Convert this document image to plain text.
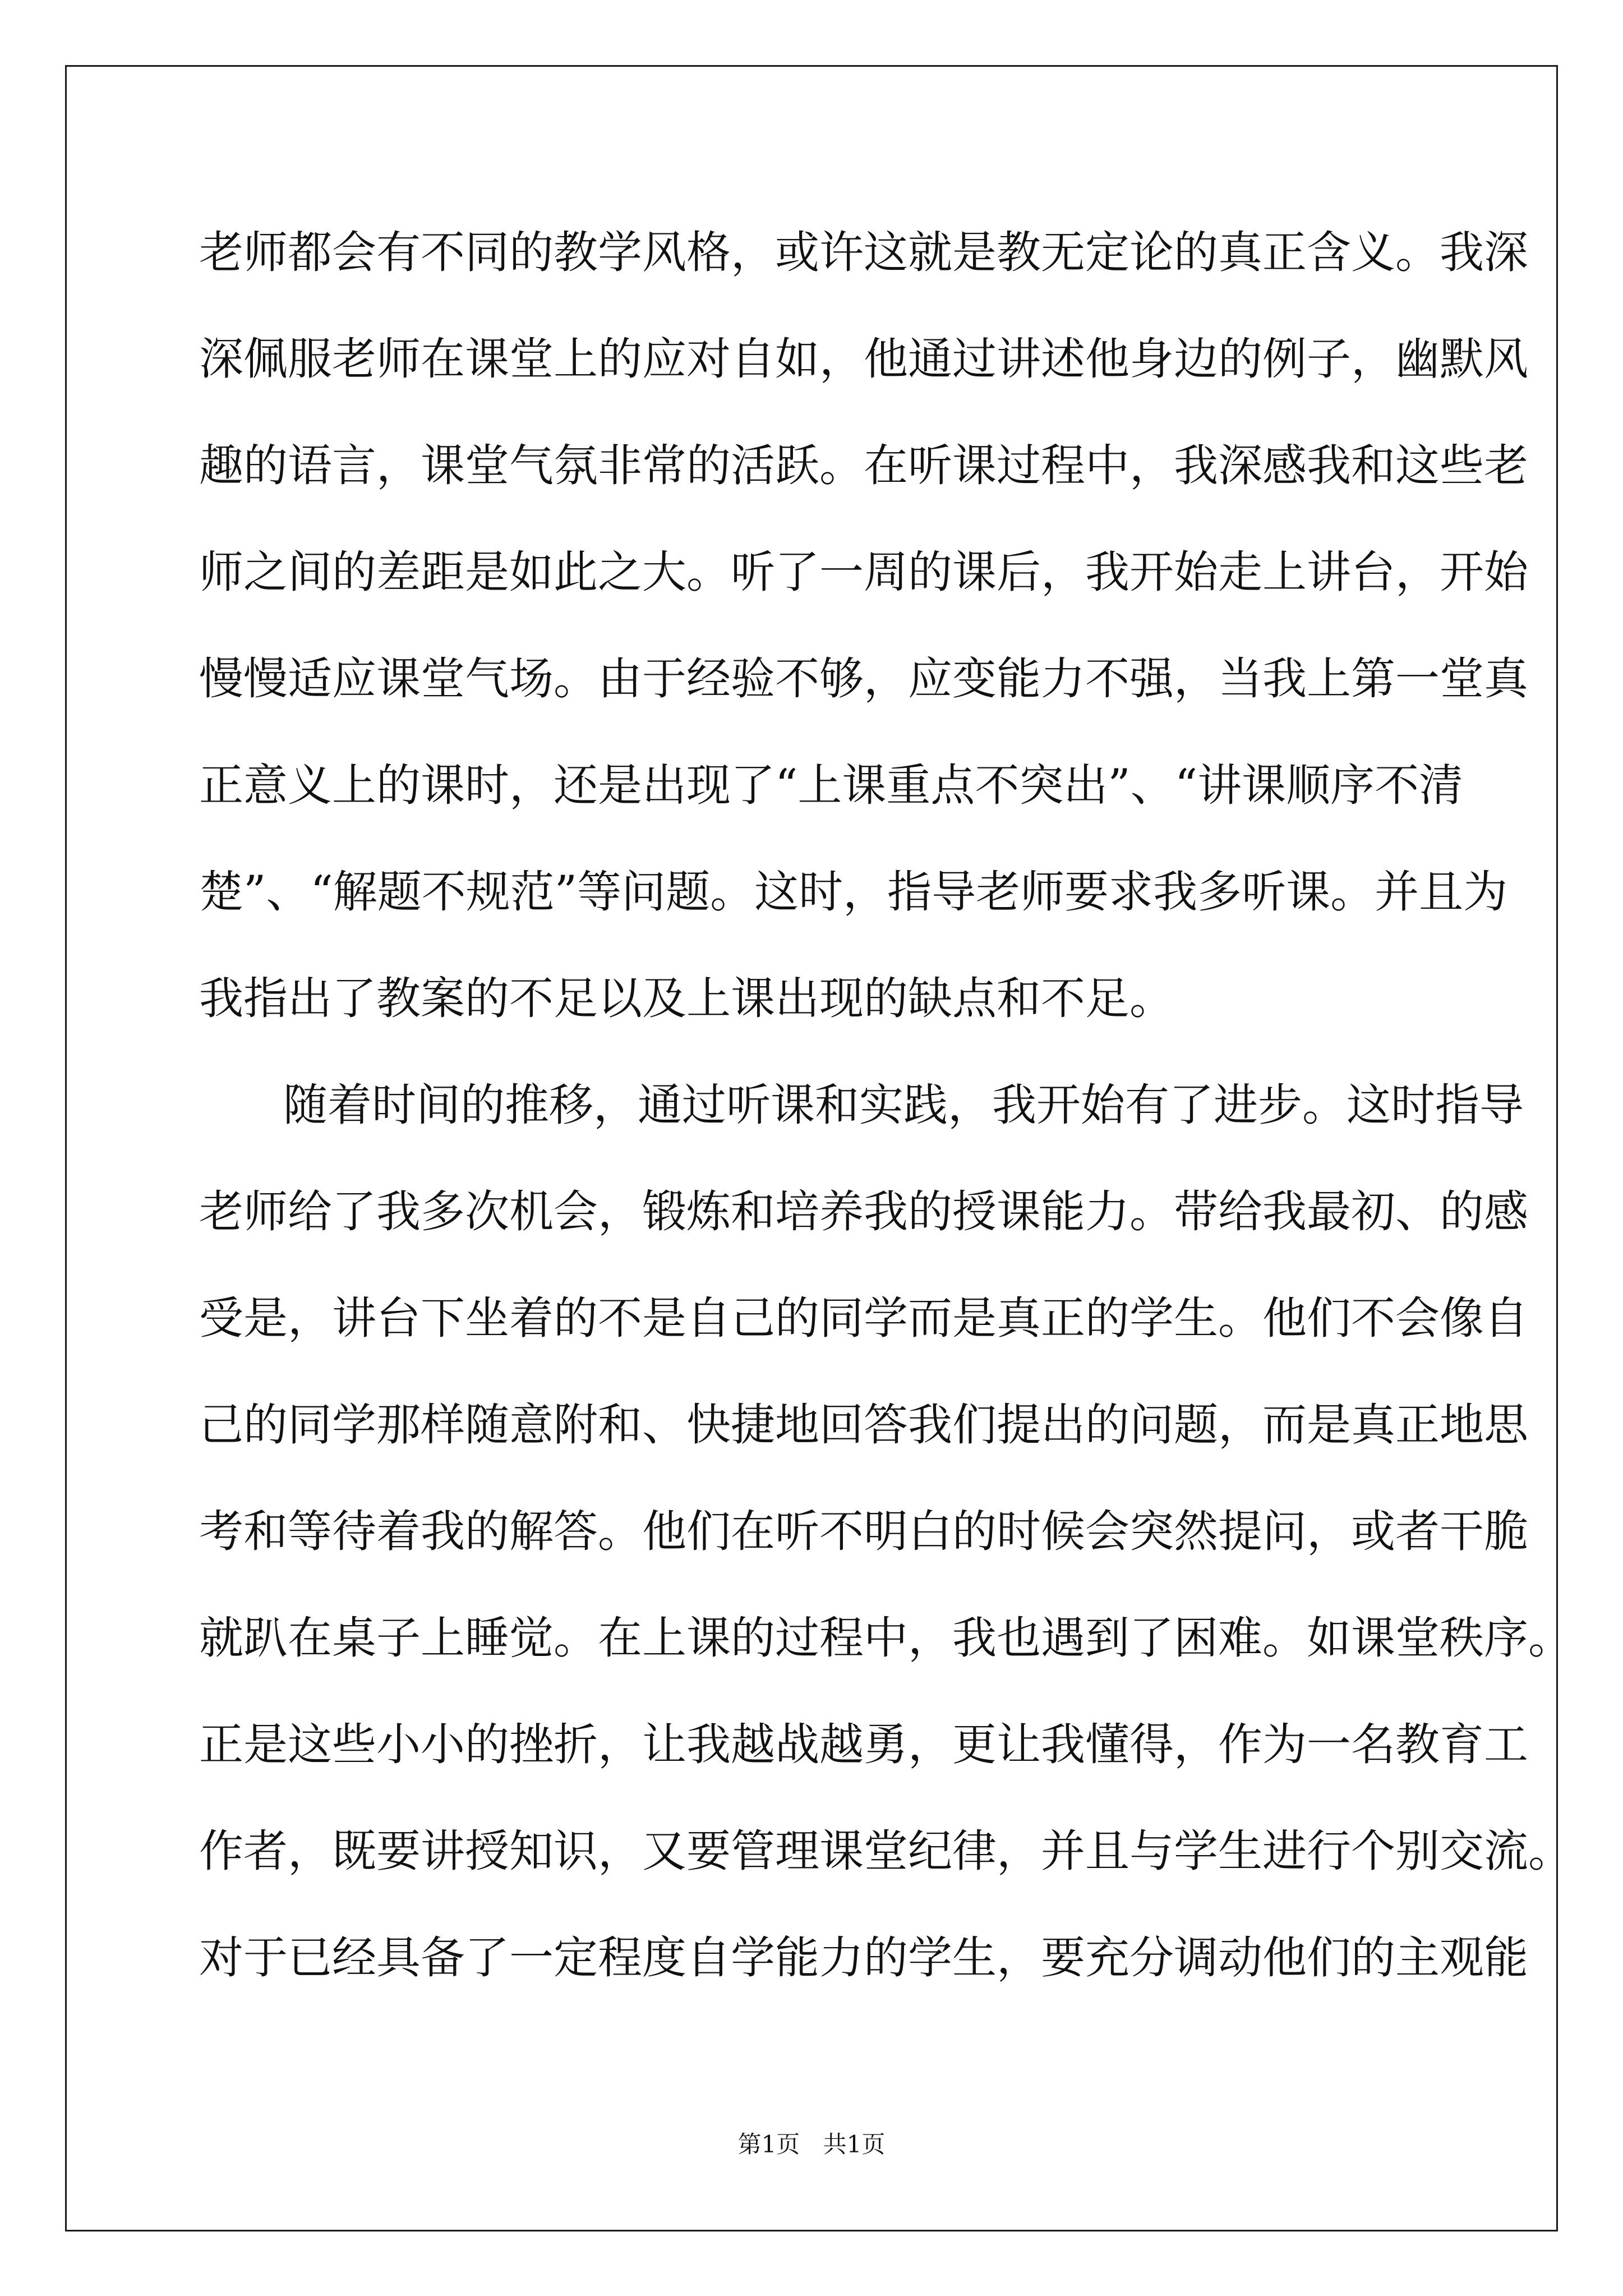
老师都会有不同的教学风格，或许这就是教无定论的真正含义。我深
深佩服老师在课堂上的应对自如，他通过讲述他身边的例子，幽默风
趣的语言，课堂气氛非常的活跃。在听课过程中，我深感我和这些老
师之间的差距是如此之大。听了一周的课后，我开始走上讲台，开始
慢慢适应课堂气场。由于经验不够，应变能力不强，当我上第一堂真
正意义上的课时，还是出现了“上课重点不突出”、“讲课顺序不清
楚”、“解题不规范”等问题。这时，指导老师要求我多听课。并且为
我指出了教案的不足以及上课出现的缺点和不足。
随着时间的推移，通过听课和实践，我开始有了进步。这时指导
老师给了我多次机会，锻炼和培养我的授课能力。带给我最初、的感
受是，讲台下坐着的不是自己的同学而是真正的学生。他们不会像自
己的同学那样随意附和、快捷地回答我们提出的问题，而是真正地思
考和等待着我的解答。他们在听不明白的时候会突然提问，或者干脆
就趴在桌子上睡觉。在上课的过程中，我也遇到了困难。如课堂秩序。
正是这些小小的挫折，让我越战越勇，更让我懂得，作为一名教育工
作者，既要讲授知识，又要管理课堂纪律，并且与学生进行个别交流。
对于已经具备了一定程度自学能力的学生，要充分调动他们的主观能
第1页 共1页
